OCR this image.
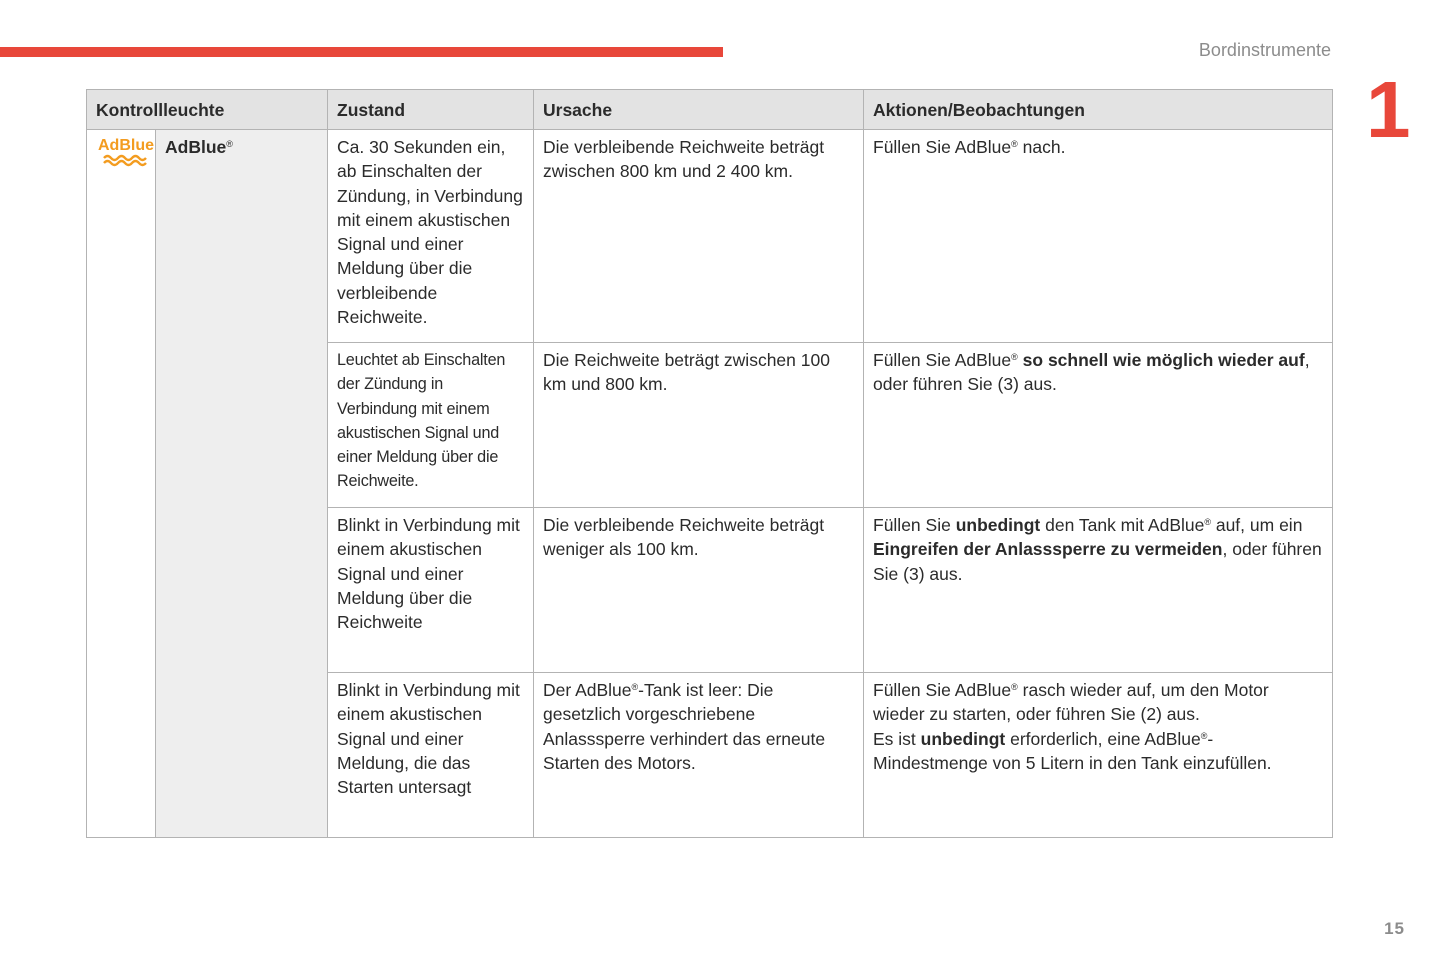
Bordinstrumente
1
Kontrollleuchte		Zustand	Ursache	Aktionen/Beobachtungen

AdBlue	AdBlue®	Ca. 30 Sekunden ein, ab Einschalten der Zündung, in Verbindung mit einem akustischen Signal und einer Meldung über die verbleibende Reichweite.	Die verbleibende Reichweite beträgt zwischen 800 km und 2 400 km.	Füllen Sie AdBlue® nach.
		Leuchtet ab Einschalten der Zündung in Verbindung mit einem akustischen Signal und einer Meldung über die Reichweite.	Die Reichweite beträgt zwischen 100 km und 800 km.	Füllen Sie AdBlue® so schnell wie möglich wieder auf, oder führen Sie (3) aus.
		Blinkt in Verbindung mit einem akustischen Signal und einer Meldung über die Reichweite	Die verbleibende Reichweite beträgt weniger als 100 km.	Füllen Sie unbedingt den Tank mit AdBlue® auf, um ein Eingreifen der Anlasssperre zu vermeiden, oder führen Sie (3) aus.
		Blinkt in Verbindung mit einem akustischen Signal und einer Meldung, die das Starten untersagt	Der AdBlue®-Tank ist leer: Die gesetzlich vorgeschriebene Anlasssperre verhindert das erneute Starten des Motors.	Füllen Sie AdBlue® rasch wieder auf, um den Motor wieder zu starten, oder führen Sie (2) aus.
Es ist unbedingt erforderlich, eine AdBlue®-Mindestmenge von 5 Litern in den Tank einzufüllen.
15
